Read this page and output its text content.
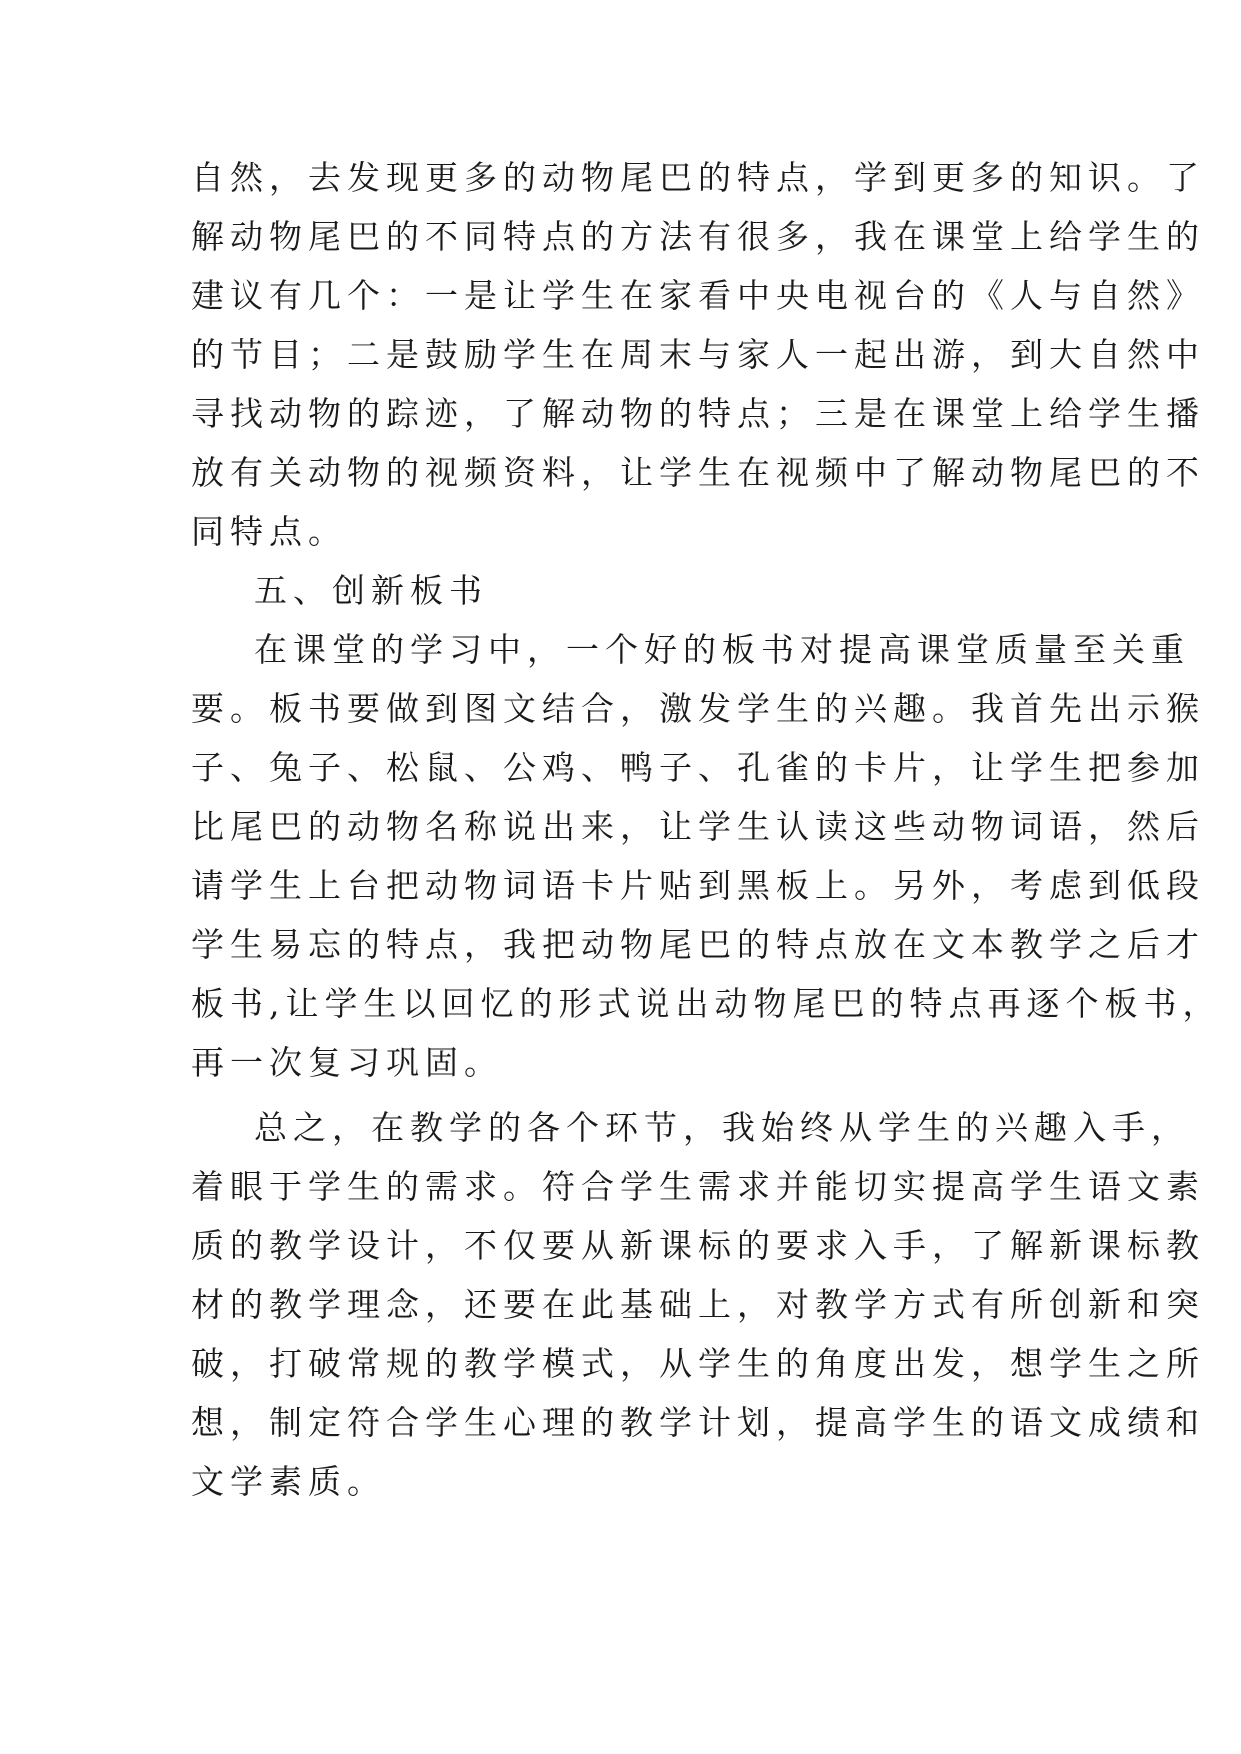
自然，去发现更多的动物尾巴的特点，学到更多的知识。了
解动物尾巴的不同特点的方法有很多，我在课堂上给学生的
建议有几个：一是让学生在家看中央电视台的《人与自然》
的节目；二是鼓励学生在周末与家人一起出游，到大自然中
寻找动物的踪迹，了解动物的特点；三是在课堂上给学生播
放有关动物的视频资料，让学生在视频中了解动物尾巴的不
同特点。
五、创新板书
在课堂的学习中，一个好的板书对提高课堂质量至关重
要。板书要做到图文结合，激发学生的兴趣。我首先出示猴
子、兔子、松鼠、公鸡、鸭子、孔雀的卡片，让学生把参加
比尾巴的动物名称说出来，让学生认读这些动物词语，然后
请学生上台把动物词语卡片贴到黑板上。另外，考虑到低段
学生易忘的特点，我把动物尾巴的特点放在文本教学之后才
板书,让学生以回忆的形式说出动物尾巴的特点再逐个板书，
再一次复习巩固。
总之，在教学的各个环节，我始终从学生的兴趣入手，
着眼于学生的需求。符合学生需求并能切实提高学生语文素
质的教学设计，不仅要从新课标的要求入手，了解新课标教
材的教学理念，还要在此基础上，对教学方式有所创新和突
破，打破常规的教学模式，从学生的角度出发，想学生之所
想，制定符合学生心理的教学计划，提高学生的语文成绩和
文学素质。
